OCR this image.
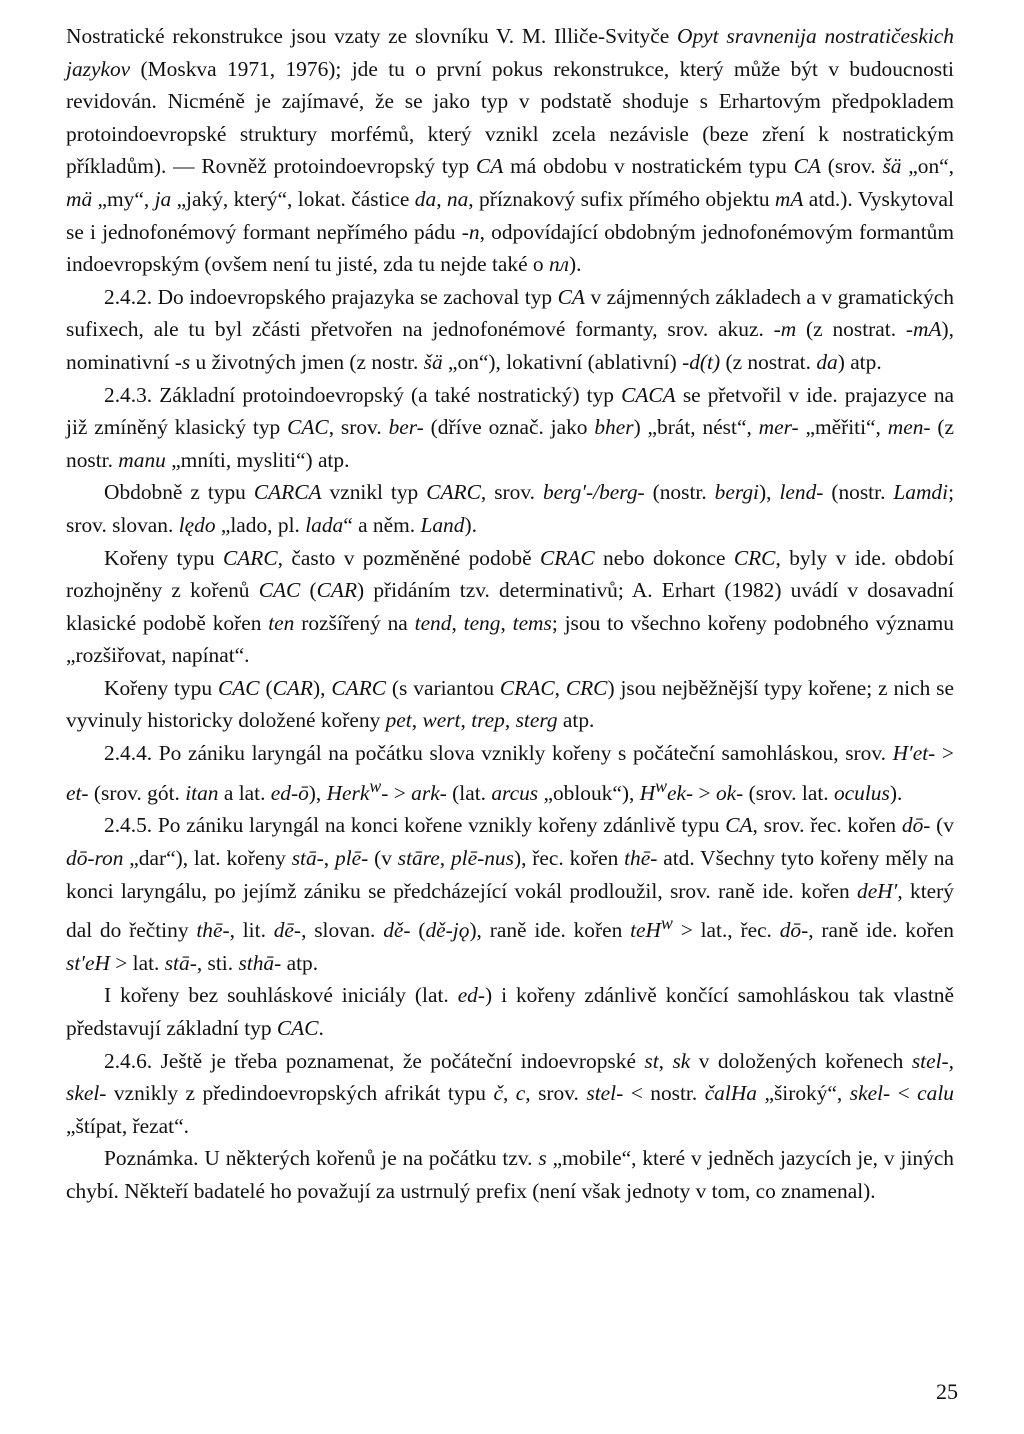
Nostratické rekonstrukce jsou vzaty ze slovníku V. M. Illiče-Svityče Opyt sravnenija nostratičeskich jazykov (Moskva 1971, 1976); jde tu o první pokus rekonstrukce, který může být v budoucnosti revidován. Nicméně je zajímavé, že se jako typ v podstatě shoduje s Erhartovým předpokladem protoindoevropské struktury morfémů, který vznikl zcela nezávisle (beze zření k nostratickým příkladům). — Rovněž protoindoevropský typ CA má obdobu v nostratickém typu CA (srov. šä „on“, mä „my“, ja „jaký, který“, lokat. částice da, na, příznakový sufix přímého objektu mA atd.). Vyskytoval se i jednofonémový formant nepřímého pádu -n, odpovídající obdobným jednofonémovým formantům indoevropským (ovšem není tu jisté, zda tu nejde také o nл).

2.4.2. Do indoevropského prajazyka se zachoval typ CA v zájmenných základech a v gramatických sufixech, ale tu byl zčásti přetvořen na jednofonémové formanty, srov. akuz. -m (z nostrat. -mA), nominativní -s u životných jmen (z nostr. šä „on“), lokativní (ablativní) -d(t) (z nostrat. da) atp.

2.4.3. Základní protoindoevropský (a také nostratický) typ CACA se přetvořil v ide. prajazyce na již zmíněný klasický typ CAC, srov. ber- (dříve označ. jako bher) „brát, nést“, mer- „měřiti“, men- (z nostr. manu „mníti, mysliti“) atp.

Obdobně z typu CARCA vznikl typ CARC, srov. berg′-/berg- (nostr. bergi), lend- (nostr. Lamdi; srov. slovan. lędo „lado, pl. lada“ a něm. Land).

Kořeny typu CARC, často v pozměněné podobě CRAC nebo dokonce CRC, byly v ide. období rozhojněny z kořenů CAC (CAR) přidáním tzv. determinativů; A. Erhart (1982) uvádí v dosavadní klasické podobě kořen ten rozšířený na tend, teng, tems; jsou to všechno kořeny podobného významu „rozšiřovat, napínat“.

Kořeny typu CAC (CAR), CARC (s variantou CRAC, CRC) jsou nejběžnější typy kořene; z nich se vyvinuly historicky doložené kořeny pet, wert, trep, sterg atp.

2.4.4. Po zániku laryngál na počátku slova vznikly kořeny s počáteční samohláskou, srov. H′et- > et- (srov. gót. itan a lat. ed-ō), Herk$^w$- > ark- (lat. arcus „oblouk“), $H^wek- > ok-$ (srov. lat. oculus).

2.4.5. Po zániku laryngál na konci kořene vznikly kořeny zdánlivě typu CA, srov. řec. kořen dō- (v dō-ron „dar“), lat. kořeny stā-, plē- (v stāre, plē-nus), řec. kořen thē- atd. Všechny tyto kořeny měly na konci laryngálu, po jejímž zániku se předcházející vokál prodloužil, srov. raně ide. kořen deH′, který dal do řečtiny thē-, lit. dē-, slovan. dě- (dě-jǫ), raně ide. kořen teH$^w$ > lat., řec. dō-, raně ide. kořen st′eH > lat. stā-, sti. sthā- atp.

I kořeny bez souhláskové iniciály (lat. ed-) i kořeny zdánlivě končící samohláskou tak vlastně představují základní typ CAC.

2.4.6. Ještě je třeba poznamenat, že počáteční indoevropské st, sk v doložených kořenech stel-, skel- vznikly z předindoevropských afrikát typu č, c, srov. stel- < nostr. čalHa „široký“, skel- < calu „štípat, řezat“.

Poznámka. U některých kořenů je na počátku tzv. s „mobile“, které v jedněch jazycích je, v jiných chybí. Někteří badatelé ho považují za ustrnulý prefix (není však jednoty v tom, co znamenal).

25
